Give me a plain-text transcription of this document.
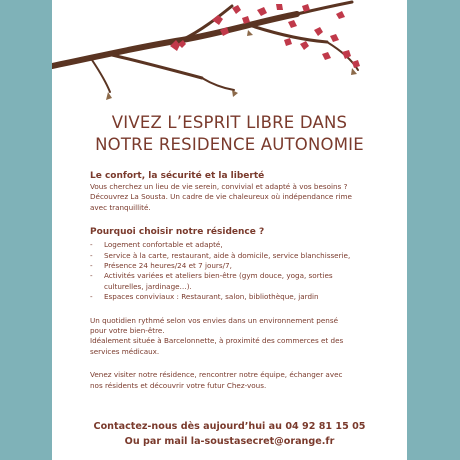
VIVEZ L’ESPRIT LIBRE DANS
NOTRE RESIDENCE AUTONOMIE

Le confort, la sécurité et la liberté

Vous cherchez un lieu de vie serein, convivial et adapté à vos besoins ?

Découvrez La Sousta. Un cadre de vie chaleureux où indépendance rime

avec tranquillité.

Pourquoi choisir notre résidence ?

- Logement confortable et adapté,
- Service à la carte, restaurant, aide à domicile, service blanchisserie,
- Présence 24 heures/24 et 7 jours/7,
- Activités variées et ateliers bien-être (gym douce, yoga, sorties
culturelles, jardinage…).
- Espaces conviviaux : Restaurant, salon, bibliothèque, jardin

Un quotidien rythmé selon vos envies dans un environnement pensé

pour votre bien-être.

Idéalement située à Barcelonnette, à proximité des commerces et des

services médicaux.

Venez visiter notre résidence, rencontrer notre équipe, échanger avec

nos résidents et découvrir votre futur Chez-vous.

Contactez-nous dès aujourd’hui au 04 92 81 15 05
Ou par mail la-soustasecret@orange.fr
